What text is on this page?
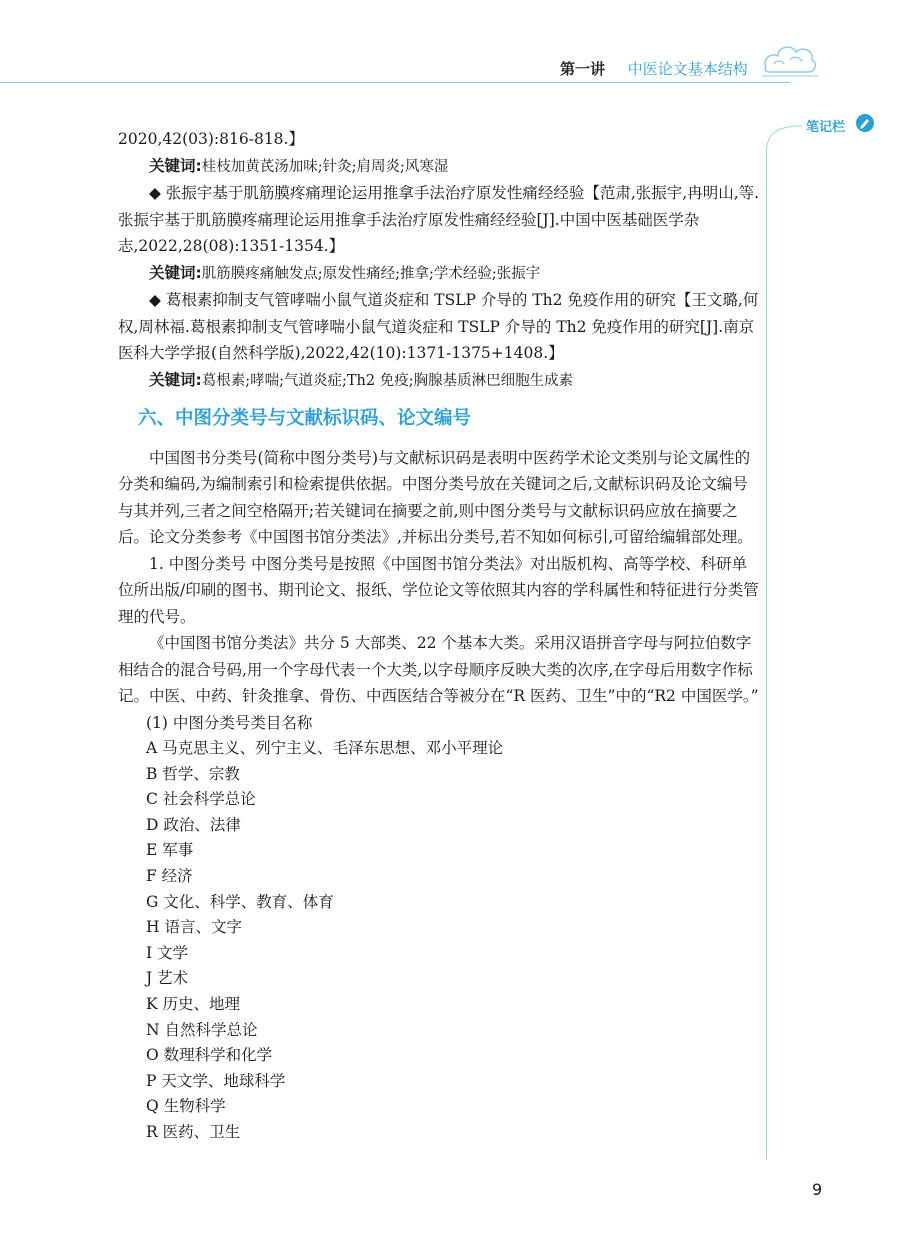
第一讲 中医论文基本结构
笔记栏

2020,42(03):816-818.】

关键词:桂枝加黄芪汤加味;针灸;肩周炎;风寒湿

◆ 张振宇基于肌筋膜疼痛理论运用推拿手法治疗原发性痛经经验【范肃,张振宇,冉明山,等.张振宇基于肌筋膜疼痛理论运用推拿手法治疗原发性痛经经验[J].中国中医基础医学杂志,2022,28(08):1351-1354.】

关键词:肌筋膜疼痛触发点;原发性痛经;推拿;学术经验;张振宇

◆ 葛根素抑制支气管哮喘小鼠气道炎症和 TSLP 介导的 Th2 免疫作用的研究【王文璐,何权,周林福.葛根素抑制支气管哮喘小鼠气道炎症和 TSLP 介导的 Th2 免疫作用的研究[J].南京医科大学学报(自然科学版),2022,42(10):1371-1375+1408.】

关键词:葛根素;哮喘;气道炎症;Th2 免疫;胸腺基质淋巴细胞生成素

六、中图分类号与文献标识码、论文编号

中国图书分类号(简称中图分类号)与文献标识码是表明中医药学术论文类别与论文属性的分类和编码,为编制索引和检索提供依据。中图分类号放在关键词之后,文献标识码及论文编号与其并列,三者之间空格隔开;若关键词在摘要之前,则中图分类号与文献标识码应放在摘要之后。论文分类参考《中国图书馆分类法》,并标出分类号,若不知如何标引,可留给编辑部处理。

1. 中图分类号 中图分类号是按照《中国图书馆分类法》对出版机构、高等学校、科研单位所出版/印刷的图书、期刊论文、报纸、学位论文等依照其内容的学科属性和特征进行分类管理的代号。

《中国图书馆分类法》共分 5 大部类、22 个基本大类。采用汉语拼音字母与阿拉伯数字相结合的混合号码,用一个字母代表一个大类,以字母顺序反映大类的次序,在字母后用数字作标记。中医、中药、针灸推拿、骨伤、中西医结合等被分在“R 医药、卫生”中的“R2 中国医学。”

(1) 中图分类号类目名称

A 马克思主义、列宁主义、毛泽东思想、邓小平理论

B 哲学、宗教

C 社会科学总论

D 政治、法律

E 军事

F 经济

G 文化、科学、教育、体育

H 语言、文字

I 文学

J 艺术

K 历史、地理

N 自然科学总论

O 数理科学和化学

P 天文学、地球科学

Q 生物科学

R 医药、卫生

9
